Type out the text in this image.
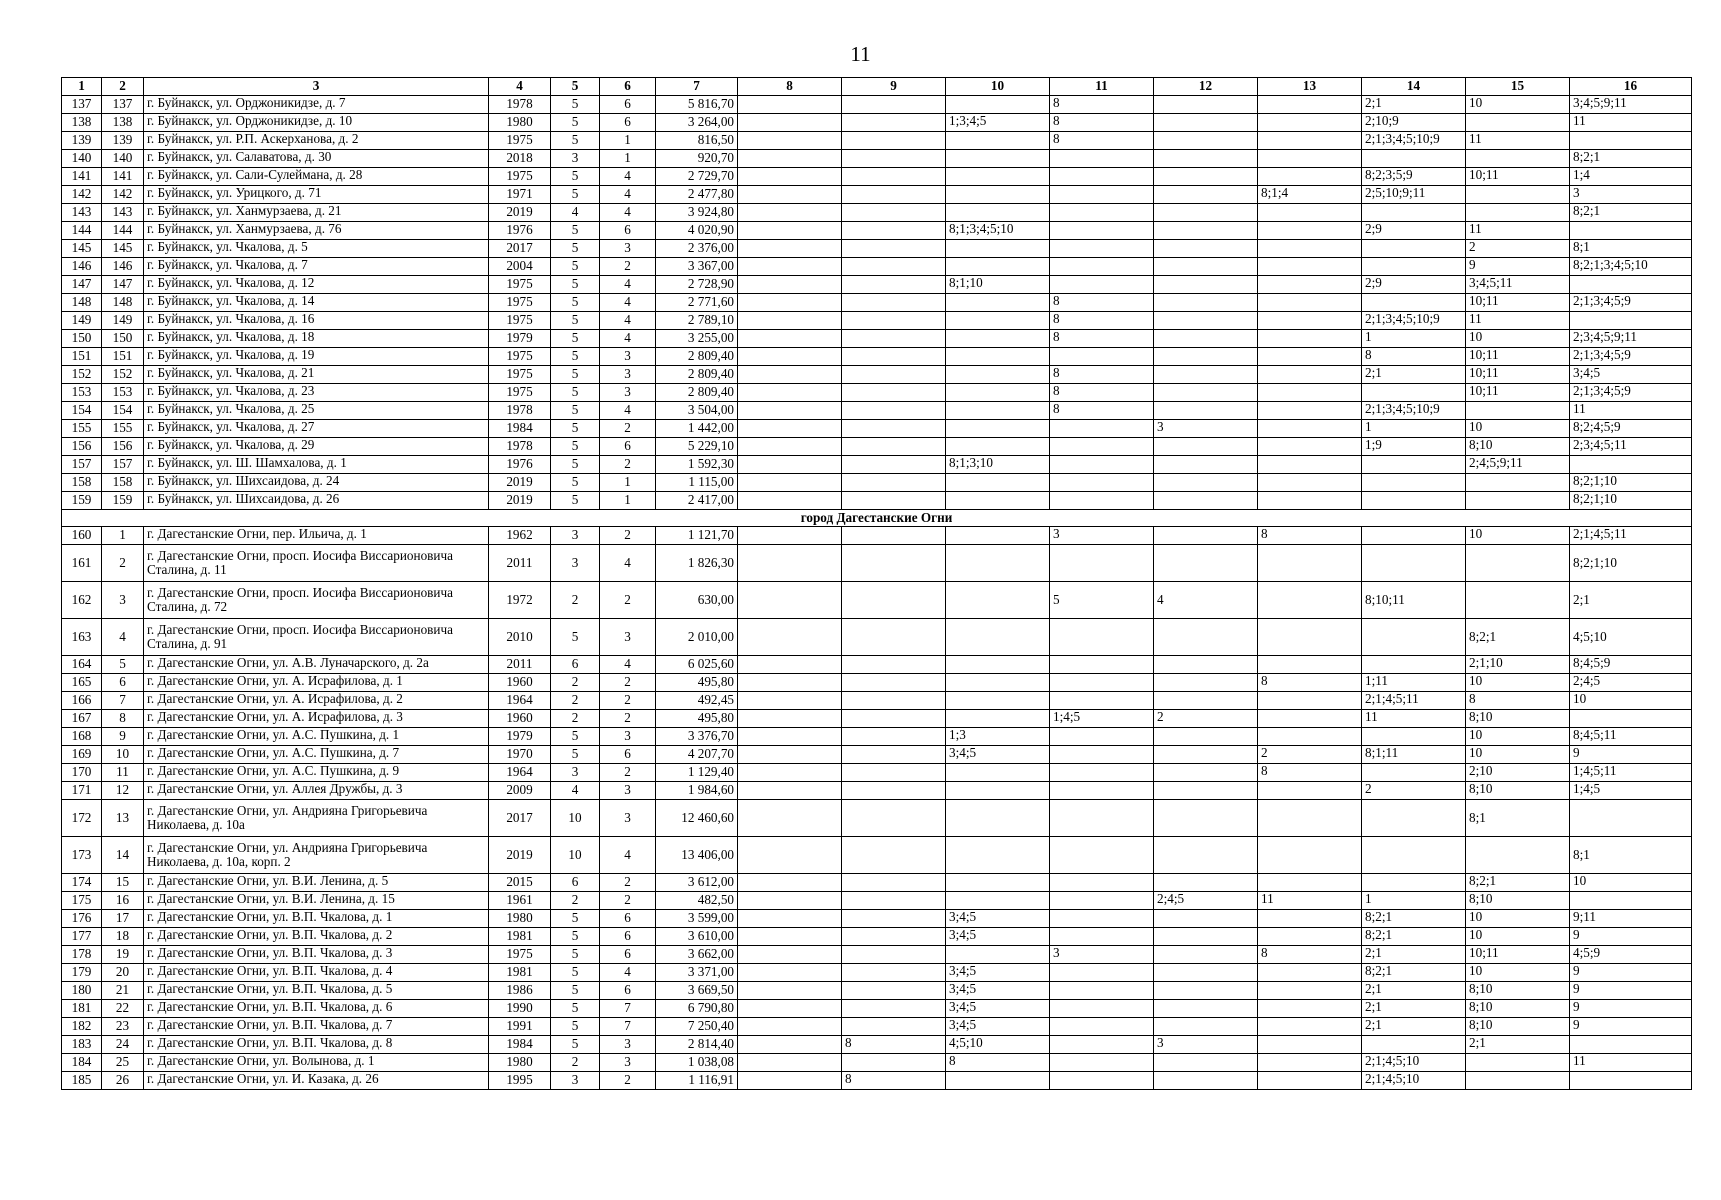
11
1	2	3	4	5	6	7	8	9	10	11	12	13	14	15	16
137	137	г. Буйнакск, ул. Орджоникидзе, д. 7	1978	5	6	5 816,70				8			2;1	10	3;4;5;9;11
138	138	г. Буйнакск, ул. Орджоникидзе, д. 10	1980	5	6	3 264,00			1;3;4;5	8			2;10;9		11
139	139	г. Буйнакск, ул. Р.П. Аскерханова, д. 2	1975	5	1	816,50				8			2;1;3;4;5;10;9	11	
140	140	г. Буйнакск, ул. Салаватова, д. 30	2018	3	1	920,70									8;2;1
141	141	г. Буйнакск, ул. Сали-Сулеймана, д. 28	1975	5	4	2 729,70							8;2;3;5;9	10;11	1;4
142	142	г. Буйнакск, ул. Урицкого, д. 71	1971	5	4	2 477,80						8;1;4	2;5;10;9;11		3
143	143	г. Буйнакск, ул. Ханмурзаева, д. 21	2019	4	4	3 924,80									8;2;1
144	144	г. Буйнакск, ул. Ханмурзаева, д. 76	1976	5	6	4 020,90			8;1;3;4;5;10				2;9	11	
145	145	г. Буйнакск, ул. Чкалова, д. 5	2017	5	3	2 376,00								2	8;1
146	146	г. Буйнакск, ул. Чкалова, д. 7	2004	5	2	3 367,00								9	8;2;1;3;4;5;10
147	147	г. Буйнакск, ул. Чкалова, д. 12	1975	5	4	2 728,90			8;1;10				2;9	3;4;5;11	
148	148	г. Буйнакск, ул. Чкалова, д. 14	1975	5	4	2 771,60				8				10;11	2;1;3;4;5;9
149	149	г. Буйнакск, ул. Чкалова, д. 16	1975	5	4	2 789,10				8			2;1;3;4;5;10;9	11	
150	150	г. Буйнакск, ул. Чкалова, д. 18	1979	5	4	3 255,00				8			1	10	2;3;4;5;9;11
151	151	г. Буйнакск, ул. Чкалова, д. 19	1975	5	3	2 809,40							8	10;11	2;1;3;4;5;9
152	152	г. Буйнакск, ул. Чкалова, д. 21	1975	5	3	2 809,40				8			2;1	10;11	3;4;5
153	153	г. Буйнакск, ул. Чкалова, д. 23	1975	5	3	2 809,40				8				10;11	2;1;3;4;5;9
154	154	г. Буйнакск, ул. Чкалова, д. 25	1978	5	4	3 504,00				8			2;1;3;4;5;10;9		11
155	155	г. Буйнакск, ул. Чкалова, д. 27	1984	5	2	1 442,00					3		1	10	8;2;4;5;9
156	156	г. Буйнакск, ул. Чкалова, д. 29	1978	5	6	5 229,10							1;9	8;10	2;3;4;5;11
157	157	г. Буйнакск, ул. Ш. Шамхалова, д. 1	1976	5	2	1 592,30			8;1;3;10					2;4;5;9;11	
158	158	г. Буйнакск, ул. Шихсаидова, д. 24	2019	5	1	1 115,00									8;2;1;10
159	159	г. Буйнакск, ул. Шихсаидова, д. 26	2019	5	1	2 417,00									8;2;1;10
город Дагестанские Огни															
160	1	г. Дагестанские Огни, пер. Ильича, д. 1	1962	3	2	1 121,70				3		8		10	2;1;4;5;11
161	2	г. Дагестанские Огни, просп. Иосифа Виссарионовича Сталина, д. 11	2011	3	4	1 826,30									8;2;1;10
162	3	г. Дагестанские Огни, просп. Иосифа Виссарионовича Сталина, д. 72	1972	2	2	630,00				5	4		8;10;11		2;1
163	4	г. Дагестанские Огни, просп. Иосифа Виссарионовича Сталина, д. 91	2010	5	3	2 010,00								8;2;1	4;5;10
164	5	г. Дагестанские Огни, ул. А.В. Луначарского, д. 2а	2011	6	4	6 025,60								2;1;10	8;4;5;9
165	6	г. Дагестанские Огни, ул. А. Исрафилова, д. 1	1960	2	2	495,80						8	1;11	10	2;4;5
166	7	г. Дагестанские Огни, ул. А. Исрафилова, д. 2	1964	2	2	492,45							2;1;4;5;11	8	10
167	8	г. Дагестанские Огни, ул. А. Исрафилова, д. 3	1960	2	2	495,80				1;4;5	2		11	8;10	
168	9	г. Дагестанские Огни, ул. А.С. Пушкина, д. 1	1979	5	3	3 376,70			1;3					10	8;4;5;11
169	10	г. Дагестанские Огни, ул. А.С. Пушкина, д. 7	1970	5	6	4 207,70			3;4;5			2	8;1;11	10	9
170	11	г. Дагестанские Огни, ул. А.С. Пушкина, д. 9	1964	3	2	1 129,40						8		2;10	1;4;5;11
171	12	г. Дагестанские Огни, ул. Аллея Дружбы, д. 3	2009	4	3	1 984,60							2	8;10	1;4;5
172	13	г. Дагестанские Огни, ул. Андрияна Григорьевича Николаева, д. 10а	2017	10	3	12 460,60								8;1	
173	14	г. Дагестанские Огни, ул. Андрияна Григорьевича Николаева, д. 10а, корп. 2	2019	10	4	13 406,00									8;1
174	15	г. Дагестанские Огни, ул. В.И. Ленина, д. 5	2015	6	2	3 612,00								8;2;1	10
175	16	г. Дагестанские Огни, ул. В.И. Ленина, д. 15	1961	2	2	482,50					2;4;5	11	1	8;10	
176	17	г. Дагестанские Огни, ул. В.П. Чкалова, д. 1	1980	5	6	3 599,00			3;4;5				8;2;1	10	9;11
177	18	г. Дагестанские Огни, ул. В.П. Чкалова, д. 2	1981	5	6	3 610,00			3;4;5				8;2;1	10	9
178	19	г. Дагестанские Огни, ул. В.П. Чкалова, д. 3	1975	5	6	3 662,00				3		8	2;1	10;11	4;5;9
179	20	г. Дагестанские Огни, ул. В.П. Чкалова, д. 4	1981	5	4	3 371,00			3;4;5				8;2;1	10	9
180	21	г. Дагестанские Огни, ул. В.П. Чкалова, д. 5	1986	5	6	3 669,50			3;4;5				2;1	8;10	9
181	22	г. Дагестанские Огни, ул. В.П. Чкалова, д. 6	1990	5	7	6 790,80			3;4;5				2;1	8;10	9
182	23	г. Дагестанские Огни, ул. В.П. Чкалова, д. 7	1991	5	7	7 250,40			3;4;5				2;1	8;10	9
183	24	г. Дагестанские Огни, ул. В.П. Чкалова, д. 8	1984	5	3	2 814,40		8	4;5;10		3			2;1	
184	25	г. Дагестанские Огни, ул. Волынова, д. 1	1980	2	3	1 038,08			8				2;1;4;5;10		11
185	26	г. Дагестанские Огни, ул. И. Казака, д. 26	1995	3	2	1 116,91		8					2;1;4;5;10		
